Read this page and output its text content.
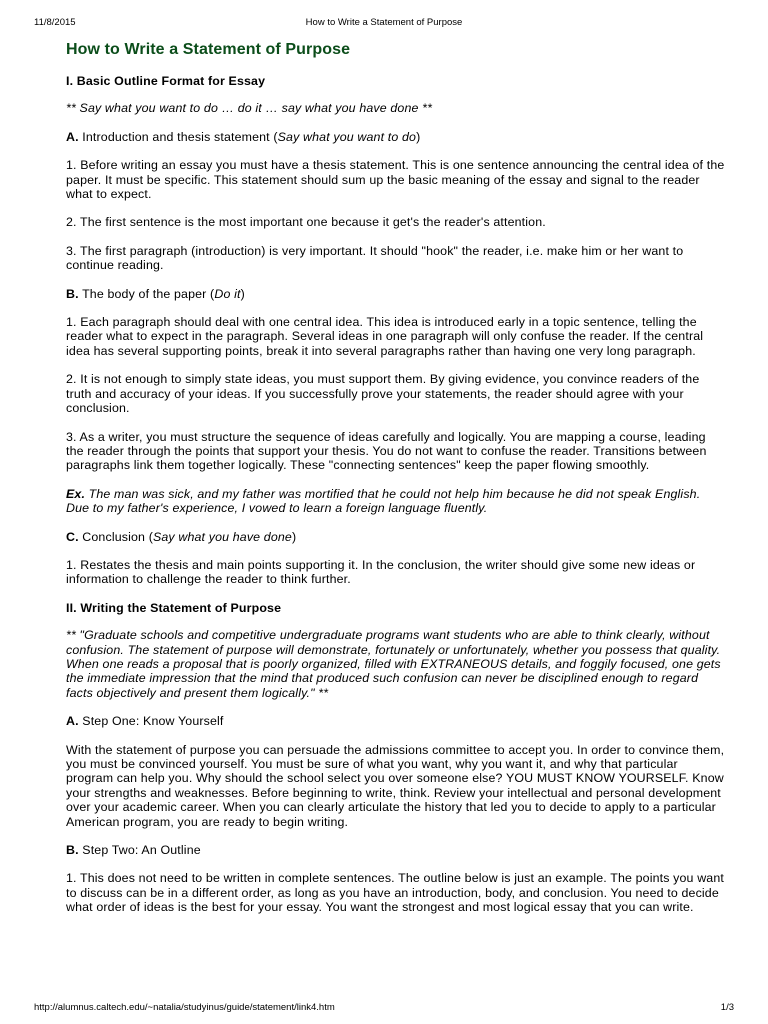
11/8/2015	How to Write a Statement of Purpose
How to Write a Statement of Purpose
I. Basic Outline Format for Essay

** Say what you want to do … do it … say what you have done **

A. Introduction and thesis statement (Say what you want to do)

1. Before writing an essay you must have a thesis statement. This is one sentence announcing the central idea of the paper. It must be specific. This statement should sum up the basic meaning of the essay and signal to the reader what to expect.

2. The first sentence is the most important one because it get's the reader's attention.

3. The first paragraph (introduction) is very important. It should "hook" the reader, i.e. make him or her want to continue reading.

B. The body of the paper (Do it)

1. Each paragraph should deal with one central idea. This idea is introduced early in a topic sentence, telling the reader what to expect in the paragraph. Several ideas in one paragraph will only confuse the reader. If the central idea has several supporting points, break it into several paragraphs rather than having one very long paragraph.

2. It is not enough to simply state ideas, you must support them. By giving evidence, you convince readers of the truth and accuracy of your ideas. If you successfully prove your statements, the reader should agree with your conclusion.

3. As a writer, you must structure the sequence of ideas carefully and logically. You are mapping a course, leading the reader through the points that support your thesis. You do not want to confuse the reader. Transitions between paragraphs link them together logically. These "connecting sentences" keep the paper flowing smoothly.

Ex. The man was sick, and my father was mortified that he could not help him because he did not speak English. Due to my father's experience, I vowed to learn a foreign language fluently.

C. Conclusion (Say what you have done)

1. Restates the thesis and main points supporting it. In the conclusion, the writer should give some new ideas or information to challenge the reader to think further.

II. Writing the Statement of Purpose

** "Graduate schools and competitive undergraduate programs want students who are able to think clearly, without confusion. The statement of purpose will demonstrate, fortunately or unfortunately, whether you possess that quality. When one reads a proposal that is poorly organized, filled with EXTRANEOUS details, and foggily focused, one gets the immediate impression that the mind that produced such confusion can never be disciplined enough to regard facts objectively and present them logically." **

A. Step One: Know Yourself

With the statement of purpose you can persuade the admissions committee to accept you. In order to convince them, you must be convinced yourself. You must be sure of what you want, why you want it, and why that particular program can help you. Why should the school select you over someone else? YOU MUST KNOW YOURSELF. Know your strengths and weaknesses. Before beginning to write, think. Review your intellectual and personal development over your academic career. When you can clearly articulate the history that led you to decide to apply to a particular American program, you are ready to begin writing.

B. Step Two: An Outline

1. This does not need to be written in complete sentences. The outline below is just an example. The points you want to discuss can be in a different order, as long as you have an introduction, body, and conclusion. You need to decide what order of ideas is the best for your essay. You want the strongest and most logical essay that you can write.

http://alumnus.caltech.edu/~natalia/studyinus/guide/statement/link4.htm	1/3
